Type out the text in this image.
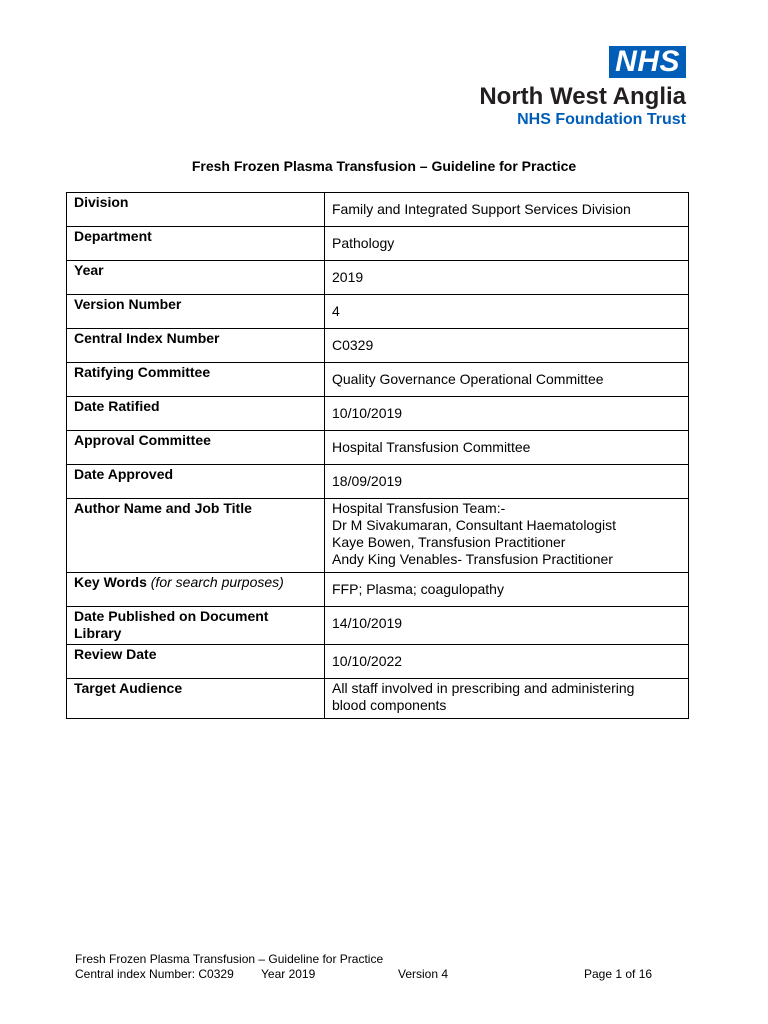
NHS
North West Anglia
NHS Foundation Trust
Fresh Frozen Plasma Transfusion – Guideline for Practice
Division	Family and Integrated Support Services Division
Department	Pathology
Year	2019
Version Number	4
Central Index Number	C0329
Ratifying Committee	Quality Governance Operational Committee
Date Ratified	10/10/2019
Approval Committee	Hospital Transfusion Committee
Date Approved	18/09/2019
Author Name and Job Title	Hospital Transfusion Team:-
Dr M Sivakumaran, Consultant Haematologist
Kaye Bowen, Transfusion Practitioner
Andy King Venables- Transfusion Practitioner

Key Words (for search purposes)	FFP; Plasma; coagulopathy
Date Published on Document Library	14/10/2019
Review Date	10/10/2022
Target Audience	All staff involved in prescribing and administering
blood components
Fresh Frozen Plasma Transfusion – Guideline for Practice
Central index Number: C0329 Year 2019	Version 4	Page 1 of 16
